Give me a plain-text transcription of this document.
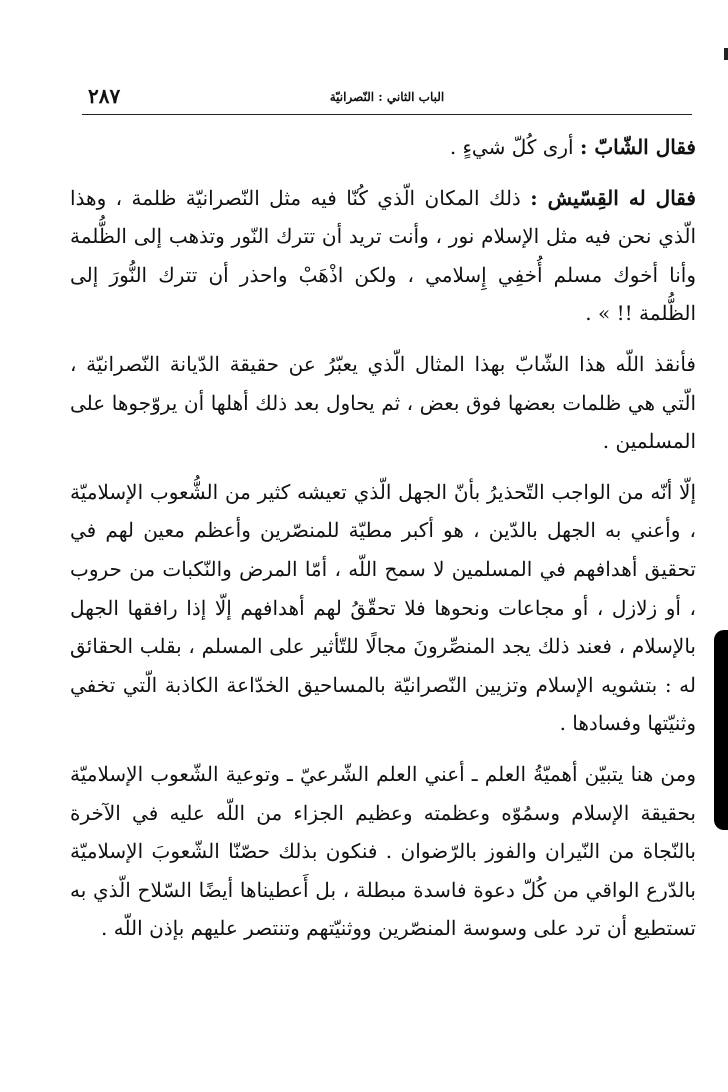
٢٨٧	الباب الثاني : النّصرانيّة

فقال الشّابّ : أرى كُلّ شيءٍ .

فقال له القِسّيش : ذلك المكان الّذي كُنّا فيه مثل النّصرانيّة ظلمة ، وهذا الّذي نحن فيه مثل الإسلام نور ، وأنت تريد أن تترك النّور وتذهب إلى الظُّلمة وأنا أخوك مسلم أُخفِي إِسلامي ، ولكن اذْهَبْ واحذر أن تترك النُّورَ إلى الظُّلمة !! » .

فأنقذ اللّه هذا الشّابّ بهذا المثال الّذي يعبّرُ عن حقيقة الدّيانة النّصرانيّة ، الّتي هي ظلمات بعضها فوق بعض ، ثم يحاول بعد ذلك أهلها أن يروّجوها على المسلمين .

إلّا أنّه من الواجب التّحذيرُ بأنّ الجهل الّذي تعيشه كثير من الشُّعوب الإسلاميّة ، وأعني به الجهل بالدّين ، هو أكبر مطيّة للمنصّرين وأعظم معين لهم في تحقيق أهدافهم في المسلمين لا سمح اللّه ، أمّا المرض والنّكبات من حروب ، أو زلازل ، أو مجاعات ونحوها فلا تحقّقُ لهم أهدافهم إلّا إذا رافقها الجهل بالإسلام ، فعند ذلك يجد المنصِّرونَ مجالًا للتّأثير على المسلم ، بقلب الحقائق له : بتشويه الإسلام وتزيين النّصرانيّة بالمساحيق الخدّاعة الكاذبة الّتي تخفي وثنيّتها وفسادها .

ومن هنا يتبيّن أهميّةُ العلم ـ أعني العلم الشّرعيّ ـ وتوعية الشّعوب الإسلاميّة بحقيقة الإسلام وسمُوّه وعظمته وعظيم الجزاء من اللّه عليه في الآخرة بالنّجاة من النّيران والفوز بالرّضوان . فنكون بذلك حصّنّا الشّعوبَ الإسلاميّة بالدّرع الواقي من كُلّ دعوة فاسدة مبطلة ، بل أَعطيناها أيضًا السّلاح الّذي به تستطيع أن ترد على وسوسة المنصّرين ووثنيّتهم وتنتصر عليهم بإذن اللّه .
